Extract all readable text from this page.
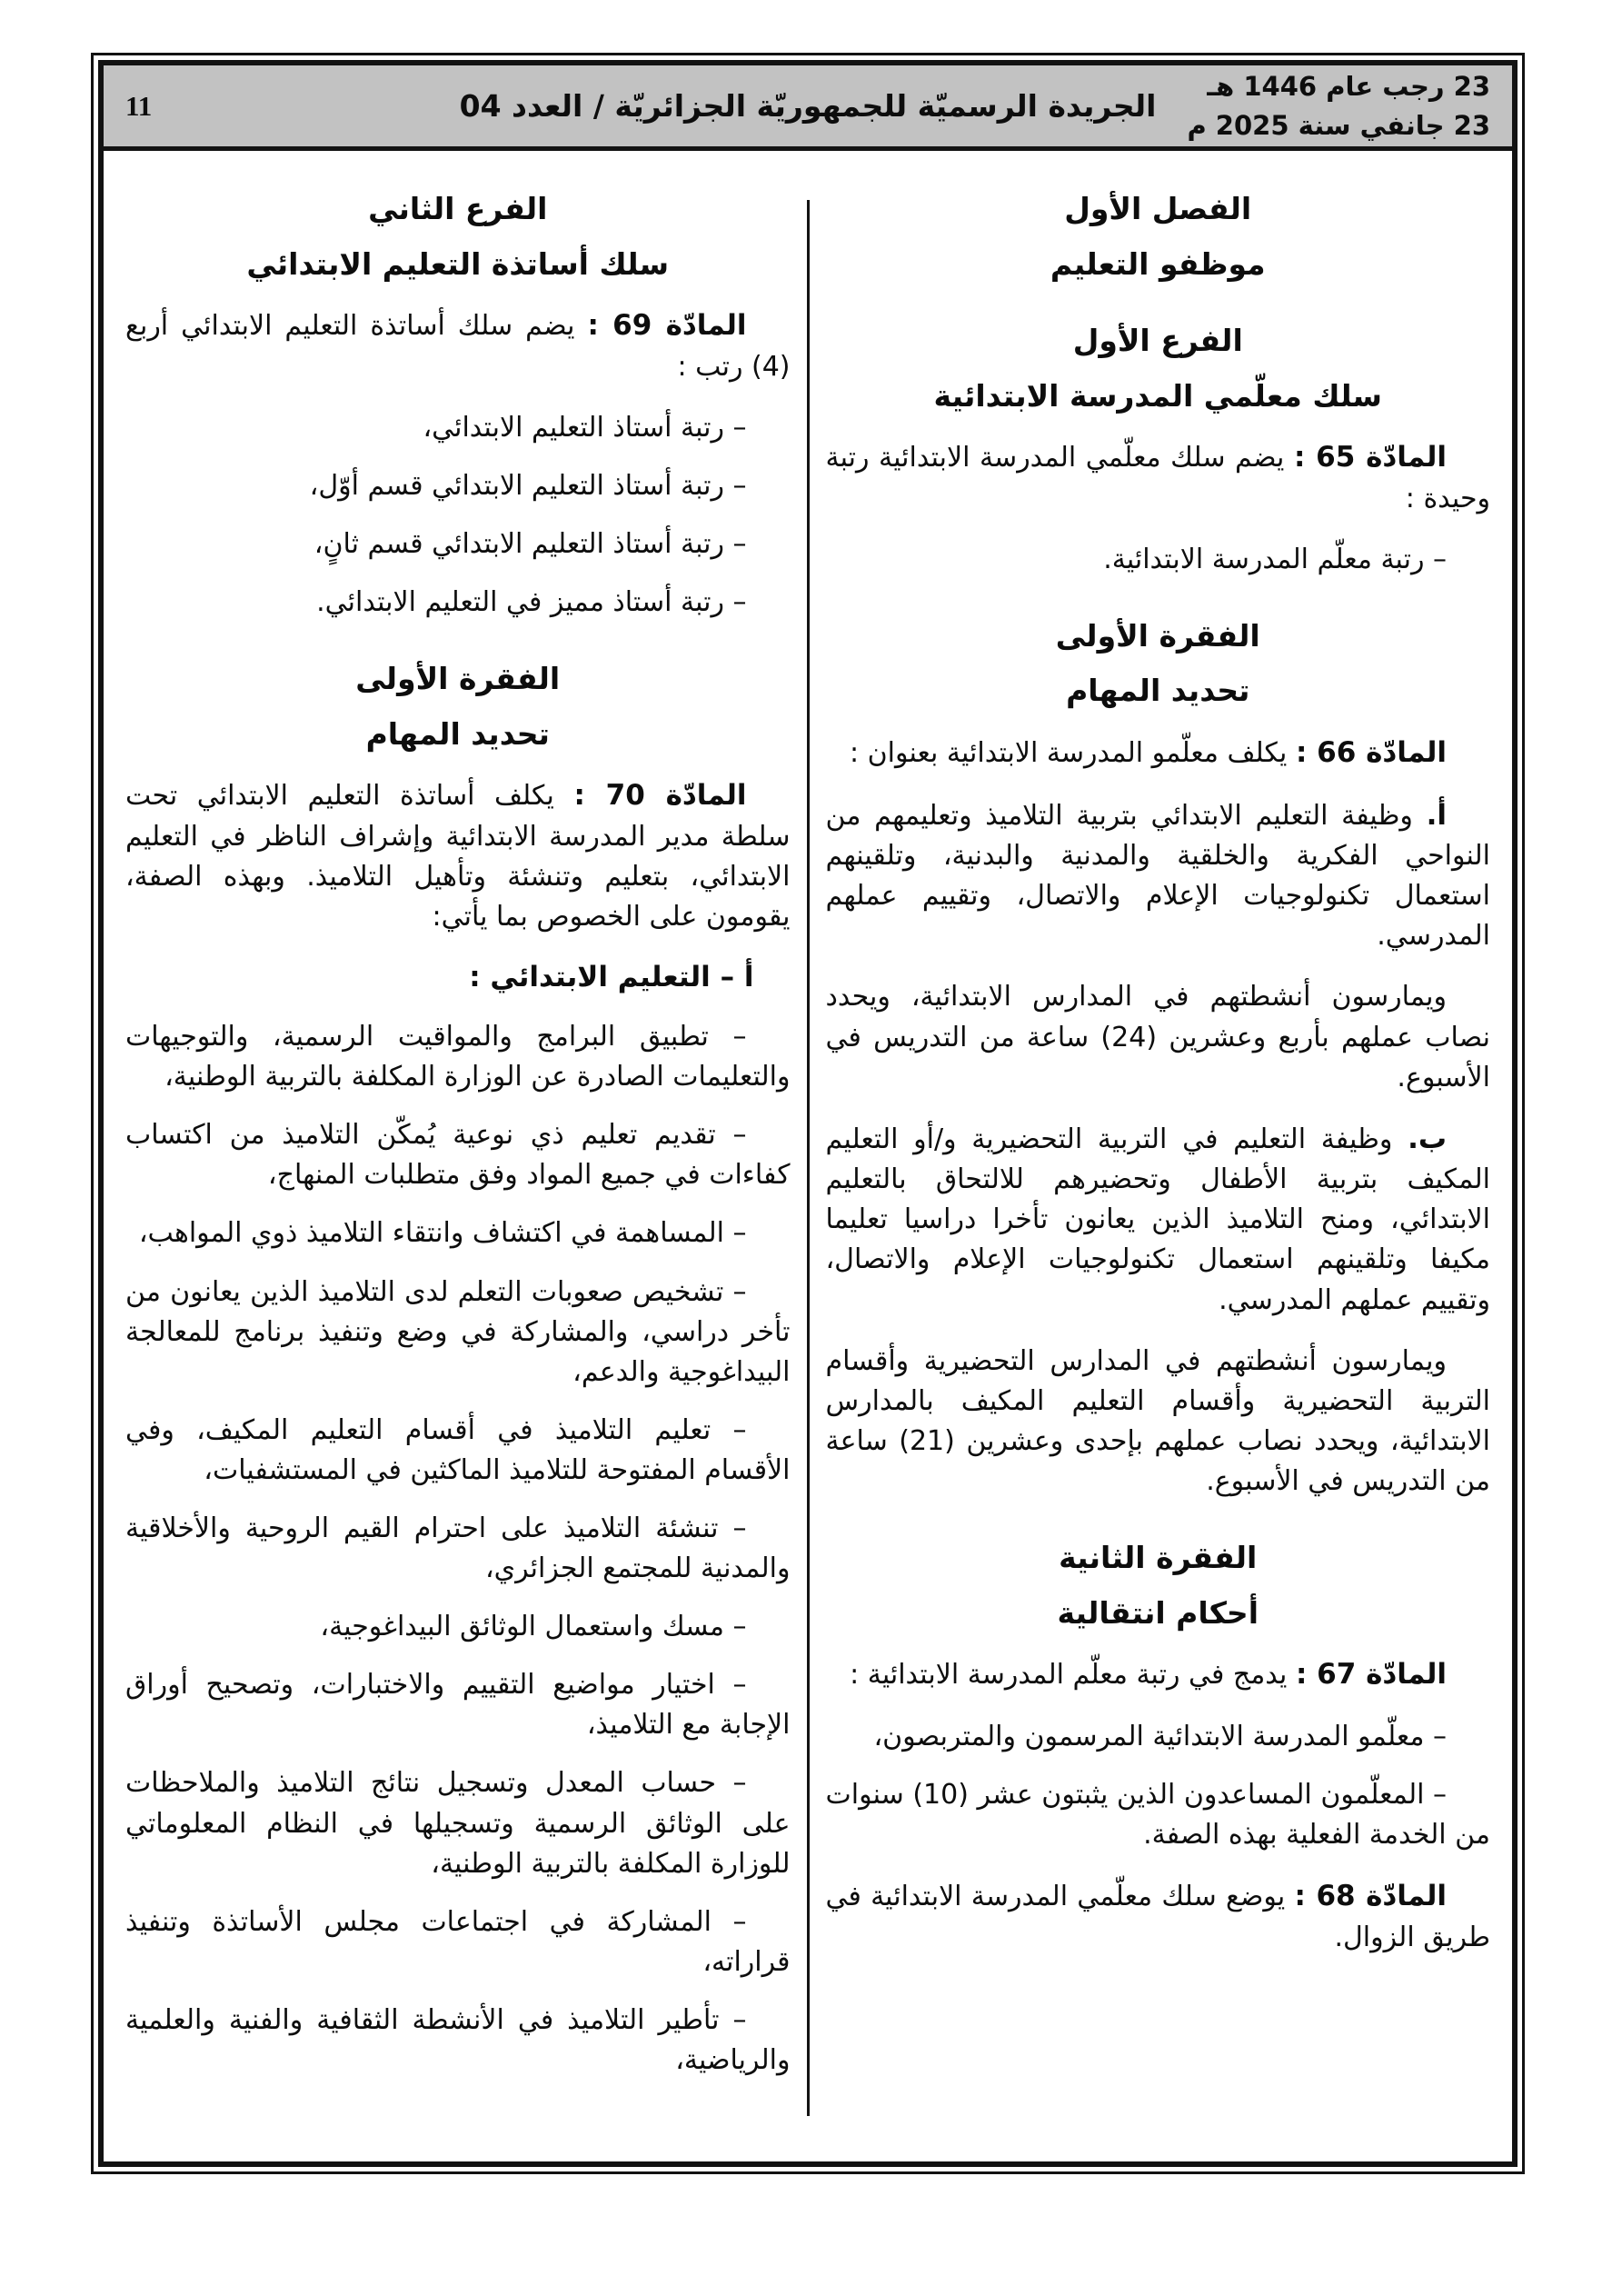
23 رجب عام 1446 هـ
23 جانفي سنة 2025 م
الجريدة الرسميّة للجمهوريّة الجزائريّة / العدد 04
11
الفصل الأول
موظفو التعليم
الفرع الأول
سلك معلّمي المدرسة الابتدائية

المادّة 65 : يضم سلك معلّمي المدرسة الابتدائية رتبة وحيدة :

– رتبة معلّم المدرسة الابتدائية.

الفقرة الأولى
تحديد المهام

المادّة 66 : يكلف معلّمو المدرسة الابتدائية بعنوان :

أ. وظيفة التعليم الابتدائي بتربية التلاميذ وتعليمهم من النواحي الفكرية والخلقية والمدنية والبدنية، وتلقينهم استعمال تكنولوجيات الإعلام والاتصال، وتقييم عملهم المدرسي.

ويمارسون أنشطتهم في المدارس الابتدائية، ويحدد نصاب عملهم بأربع وعشرين (24) ساعة من التدريس في الأسبوع.

ب. وظيفة التعليم في التربية التحضيرية و/أو التعليم المكيف بتربية الأطفال وتحضيرهم للالتحاق بالتعليم الابتدائي، ومنح التلاميذ الذين يعانون تأخرا دراسيا تعليما مكيفا وتلقينهم استعمال تكنولوجيات الإعلام والاتصال، وتقييم عملهم المدرسي.

ويمارسون أنشطتهم في المدارس التحضيرية وأقسام التربية التحضيرية وأقسام التعليم المكيف بالمدارس الابتدائية، ويحدد نصاب عملهم بإحدى وعشرين (21) ساعة من التدريس في الأسبوع.

الفقرة الثانية
أحكام انتقالية

المادّة 67 : يدمج في رتبة معلّم المدرسة الابتدائية :

– معلّمو المدرسة الابتدائية المرسمون والمتربصون،

– المعلّمون المساعدون الذين يثبتون عشر (10) سنوات من الخدمة الفعلية بهذه الصفة.

المادّة 68 : يوضع سلك معلّمي المدرسة الابتدائية في طريق الزوال.

الفرع الثاني
سلك أساتذة التعليم الابتدائي

المادّة 69 : يضم سلك أساتذة التعليم الابتدائي أربع (4) رتب :

– رتبة أستاذ التعليم الابتدائي،

– رتبة أستاذ التعليم الابتدائي قسم أوّل،

– رتبة أستاذ التعليم الابتدائي قسم ثانٍ،

– رتبة أستاذ مميز في التعليم الابتدائي.

الفقرة الأولى
تحديد المهام

المادّة 70 : يكلف أساتذة التعليم الابتدائي تحت سلطة مدير المدرسة الابتدائية وإشراف الناظر في التعليم الابتدائي، بتعليم وتنشئة وتأهيل التلاميذ. وبهذه الصفة، يقومون على الخصوص بما يأتي:

أ – التعليم الابتدائي :

– تطبيق البرامج والمواقيت الرسمية، والتوجيهات والتعليمات الصادرة عن الوزارة المكلفة بالتربية الوطنية،

– تقديم تعليم ذي نوعية يُمكّن التلاميذ من اكتساب كفاءات في جميع المواد وفق متطلبات المنهاج،

– المساهمة في اكتشاف وانتقاء التلاميذ ذوي المواهب،

– تشخيص صعوبات التعلم لدى التلاميذ الذين يعانون من تأخر دراسي، والمشاركة في وضع وتنفيذ برنامج للمعالجة البيداغوجية والدعم،

– تعليم التلاميذ في أقسام التعليم المكيف، وفي الأقسام المفتوحة للتلاميذ الماكثين في المستشفيات،

– تنشئة التلاميذ على احترام القيم الروحية والأخلاقية والمدنية للمجتمع الجزائري،

– مسك واستعمال الوثائق البيداغوجية،

– اختيار مواضيع التقييم والاختبارات، وتصحيح أوراق الإجابة مع التلاميذ،

– حساب المعدل وتسجيل نتائج التلاميذ والملاحظات على الوثائق الرسمية وتسجيلها في النظام المعلوماتي للوزارة المكلفة بالتربية الوطنية،

– المشاركة في اجتماعات مجلس الأساتذة وتنفيذ قراراته،

– تأطير التلاميذ في الأنشطة الثقافية والفنية والعلمية والرياضية،
